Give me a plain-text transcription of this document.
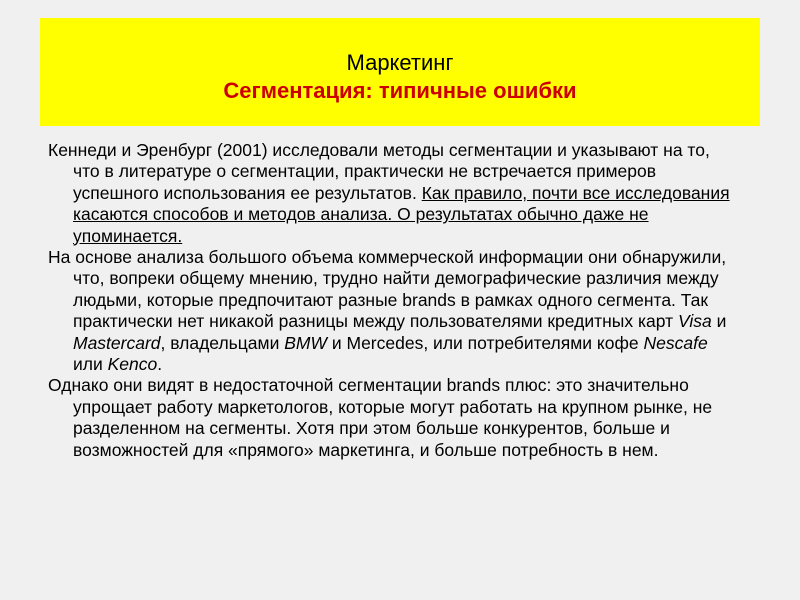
Маркетинг
Сегментация: типичные ошибки

Кеннеди и Эренбург (2001) исследовали методы сегментации и указывают на то, что в литературе о сегментации, практически не встречается примеров успешного использования ее результатов. Как правило, почти все исследования касаются способов и методов анализа. О результатах обычно даже не упоминается.

На основе анализа большого объема коммерческой информации они обнаружили, что, вопреки общему мнению, трудно найти демографические различия между людьми, которые предпочитают разные brands в рамках одного сегмента. Так практически нет никакой разницы между пользователями кредитных карт Visa и Mastercard, владельцами BMW и Mercedes, или потребителями кофе Nescafe или Kenco.

Однако они видят в недостаточной сегментации brands плюс: это значительно упрощает работу маркетологов, которые могут работать на крупном рынке, не разделенном на сегменты. Хотя при этом больше конкурентов, больше и возможностей для «прямого» маркетинга, и больше потребность в нем.
